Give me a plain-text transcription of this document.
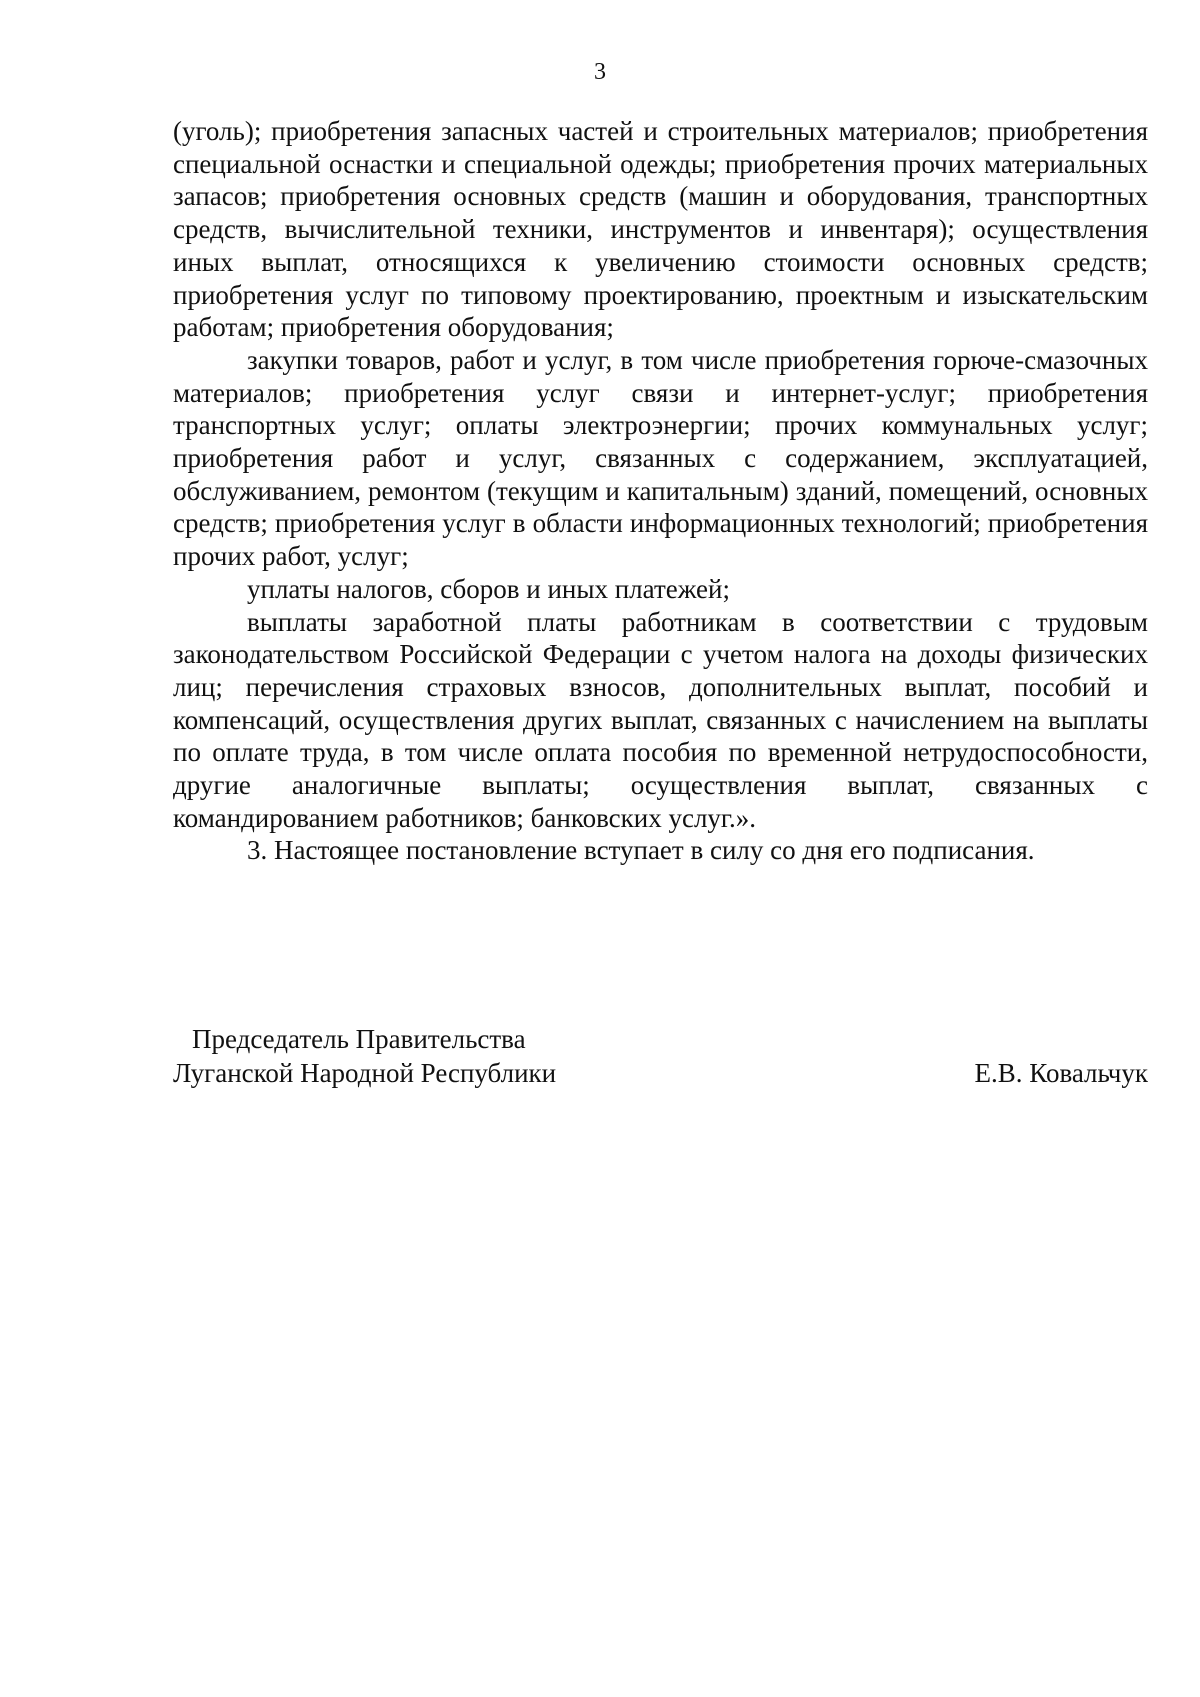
3

(уголь); приобретения запасных частей и строительных материалов; приобретения специальной оснастки и специальной одежды; приобретения прочих материальных запасов; приобретения основных средств (машин и оборудования, транспортных средств, вычислительной техники, инструментов и инвентаря); осуществления иных выплат, относящихся к увеличению стоимости основных средств; приобретения услуг по типовому проектированию, проектным и изыскательским работам; приобретения оборудования;

закупки товаров, работ и услуг, в том числе приобретения горюче-смазочных материалов; приобретения услуг связи и интернет-услуг; приобретения транспортных услуг; оплаты электроэнергии; прочих коммунальных услуг; приобретения работ и услуг, связанных с содержанием, эксплуатацией, обслуживанием, ремонтом (текущим и капитальным) зданий, помещений, основных средств; приобретения услуг в области информационных технологий; приобретения прочих работ, услуг;

уплаты налогов, сборов и иных платежей;

выплаты заработной платы работникам в соответствии с трудовым законодательством Российской Федерации с учетом налога на доходы физических лиц; перечисления страховых взносов, дополнительных выплат, пособий и компенсаций, осуществления других выплат, связанных с начислением на выплаты по оплате труда, в том числе оплата пособия по временной нетрудоспособности, другие аналогичные выплаты; осуществления выплат, связанных с командированием работников; банковских услуг.».

3. Настоящее постановление вступает в силу со дня его подписания.

Председатель Правительства
Луганской Народной Республики	Е.В. Ковальчук
